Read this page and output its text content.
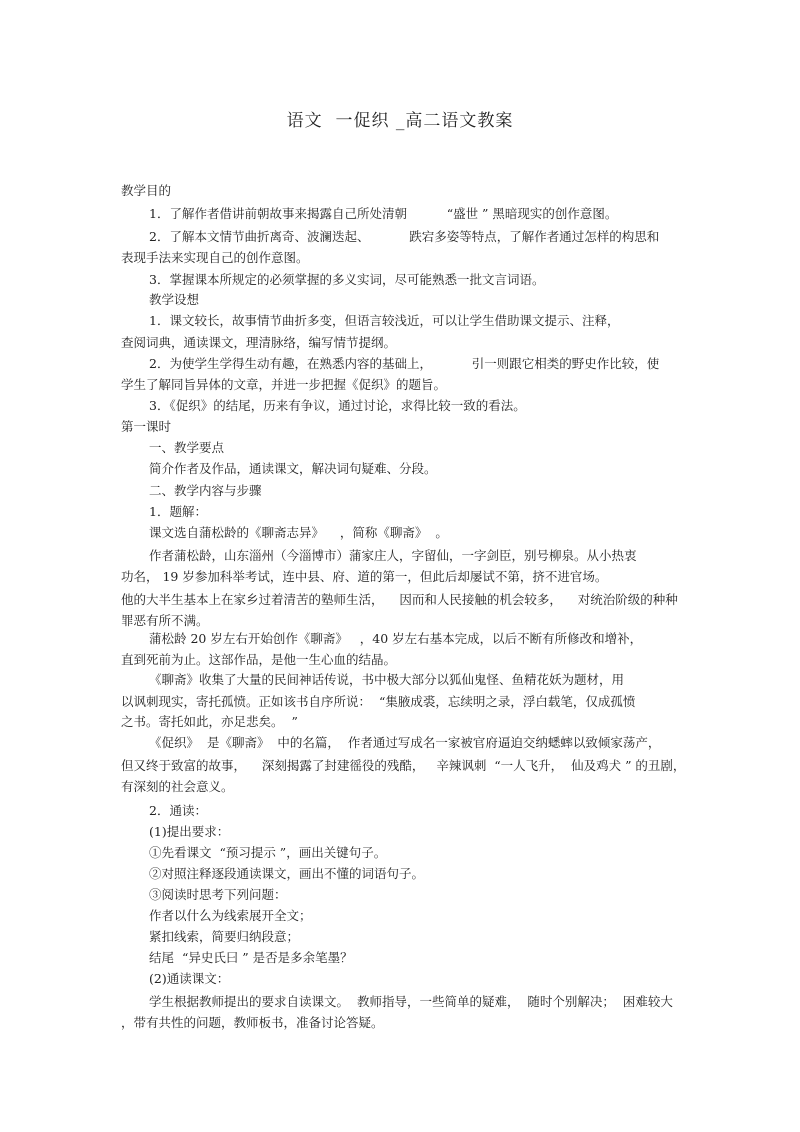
语文  一促织 _高二语文教案
教学目的
1．了解作者借讲前朝故事来揭露自己所处清朝          “盛世 ” 黑暗现实的创作意图。
2．了解本文情节曲折离奇、波澜迭起、          跌宕多姿等特点，了解作者通过怎样的构思和
表现手法来实现自己的创作意图。
3．掌握课本所规定的必须掌握的多义实词，尽可能熟悉一批文言词语。
教学设想
1．课文较长，故事情节曲折多变，但语言较浅近，可以让学生借助课文提示、注释，
查阅词典，通读课文，理清脉络，编写情节提纲。
2．为使学生学得生动有趣，在熟悉内容的基础上，          引一则跟它相类的野史作比较，使
学生了解同旨异体的文章，并进一步把握《促织》的题旨。
3．《促织》的结尾，历来有争议，通过讨论，求得比较一致的看法。
第一课时
一、教学要点
简介作者及作品，通读课文，解决词句疑难、分段。
二、教学内容与步骤
1．题解：
课文选自蒲松龄的《聊斋志异》    ，简称《聊斋》  。
作者蒲松龄，山东淄州（今淄博市）蒲家庄人，字留仙，一字剑臣，别号柳泉。从小热衷
功名， 19 岁参加科举考试，连中县、府、道的第一，但此后却屡试不第，挤不进官场。
他的大半生基本上在家乡过着清苦的塾师生活，    因而和人民接触的机会较多，    对统治阶级的种种
罪恶有所不满。
蒲松龄 20 岁左右开始创作《聊斋》   ，40 岁左右基本完成，以后不断有所修改和增补，
直到死前为止。这部作品，是他一生心血的结晶。
《聊斋》收集了大量的民间神话传说，书中极大部分以狐仙鬼怪、鱼精花妖为题材，用
以讽刺现实，寄托孤愤。正如该书自序所说：  “集腋成裘，忘续明之录，浮白载笔，仅成孤愤
之书。寄托如此，亦足悲矣。  ”
《促织》  是《聊斋》  中的名篇，  作者通过写成名一家被官府逼迫交纳蟋蟀以致倾家荡产，
但又终于致富的故事，    深刻揭露了封建徭役的残酷，   辛辣讽刺  “一人飞升，  仙及鸡犬 ” 的丑剧，
有深刻的社会意义。
2．通读：
(1)提出要求：
①先看课文  “预习提示 ”，画出关键句子。
②对照注释逐段通读课文，画出不懂的词语句子。
③阅读时思考下列问题：
作者以什么为线索展开全文；
紧扣线索，简要归纳段意；
结尾  “异史氏曰 ” 是否是多余笔墨？
(2)通读课文：
学生根据教师提出的要求自读课文。  教师指导，一些简单的疑难，  随时个别解决；  困难较大
，带有共性的问题，教师板书，准备讨论答疑。
